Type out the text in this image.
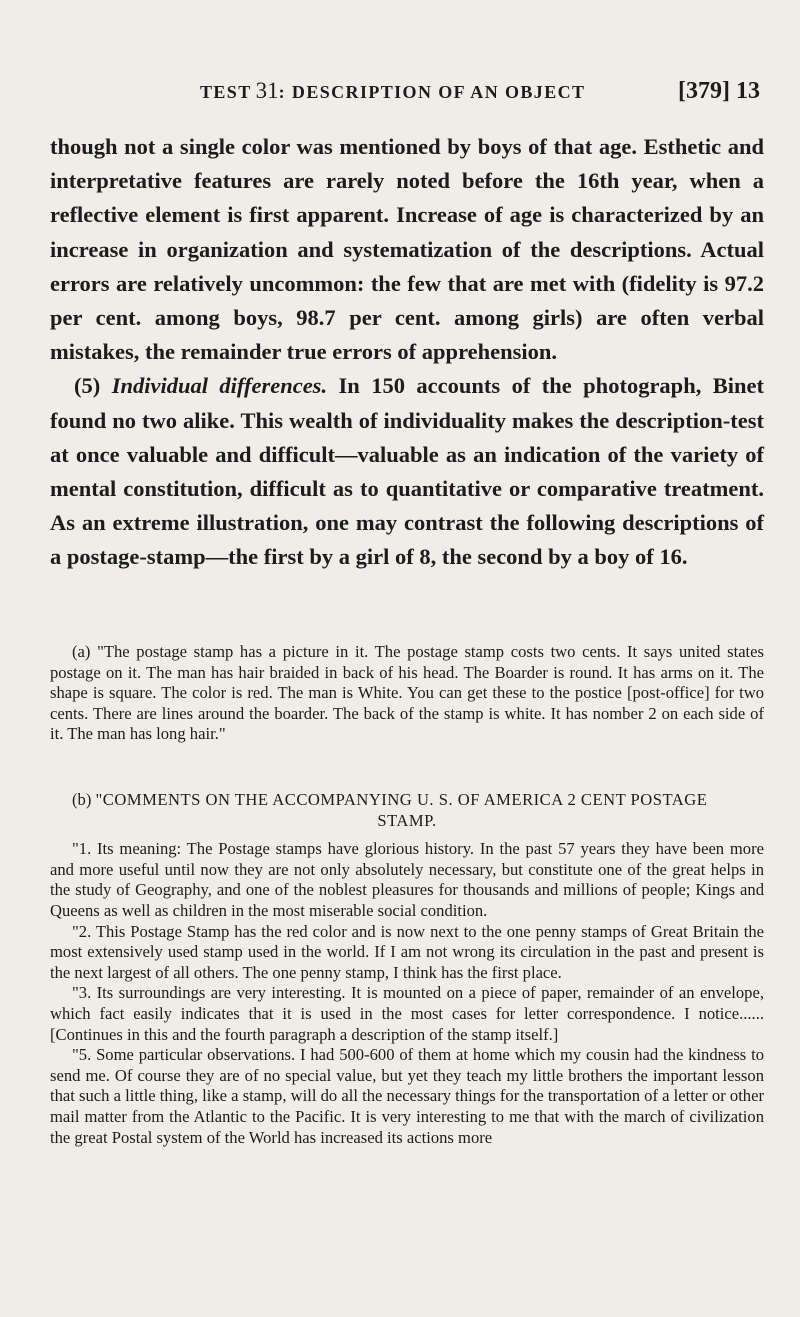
TEST 31: DESCRIPTION OF AN OBJECT	[379] 13

though not a single color was mentioned by boys of that age. Esthetic and interpretative features are rarely noted before the 16th year, when a reflective element is first apparent. Increase of age is characterized by an increase in organization and systematization of the descriptions. Actual errors are relatively uncommon: the few that are met with (fidelity is 97.2 per cent. among boys, 98.7 per cent. among girls) are often verbal mistakes, the remainder true errors of apprehension.

(5) Individual differences. In 150 accounts of the photograph, Binet found no two alike. This wealth of individuality makes the description-test at once valuable and difficult—valuable as an indication of the variety of mental constitution, difficult as to quantitative or comparative treatment. As an extreme illustration, one may contrast the following descriptions of a postage-stamp—the first by a girl of 8, the second by a boy of 16.

(a) "The postage stamp has a picture in it. The postage stamp costs two cents. It says united states postage on it. The man has hair braided in back of his head. The Boarder is round. It has arms on it. The shape is square. The color is red. The man is White. You can get these to the postice [post-office] for two cents. There are lines around the boarder. The back of the stamp is white. It has nomber 2 on each side of it. The man has long hair."

(b) "COMMENTS ON THE ACCOMPANYING U. S. OF AMERICA 2 CENT POSTAGE

STAMP.

"1. Its meaning: The Postage stamps have glorious history. In the past 57 years they have been more and more useful until now they are not only absolutely necessary, but constitute one of the great helps in the study of Geography, and one of the noblest pleasures for thousands and millions of people; Kings and Queens as well as children in the most miserable social condition.

"2. This Postage Stamp has the red color and is now next to the one penny stamps of Great Britain the most extensively used stamp used in the world. If I am not wrong its circulation in the past and present is the next largest of all others. The one penny stamp, I think has the first place.

"3. Its surroundings are very interesting. It is mounted on a piece of paper, remainder of an envelope, which fact easily indicates that it is used in the most cases for letter correspondence. I notice...... [Continues in this and the fourth paragraph a description of the stamp itself.]

"5. Some particular observations. I had 500-600 of them at home which my cousin had the kindness to send me. Of course they are of no special value, but yet they teach my little brothers the important lesson that such a little thing, like a stamp, will do all the necessary things for the transportation of a letter or other mail matter from the Atlantic to the Pacific. It is very interesting to me that with the march of civilization the great Postal system of the World has increased its actions more
